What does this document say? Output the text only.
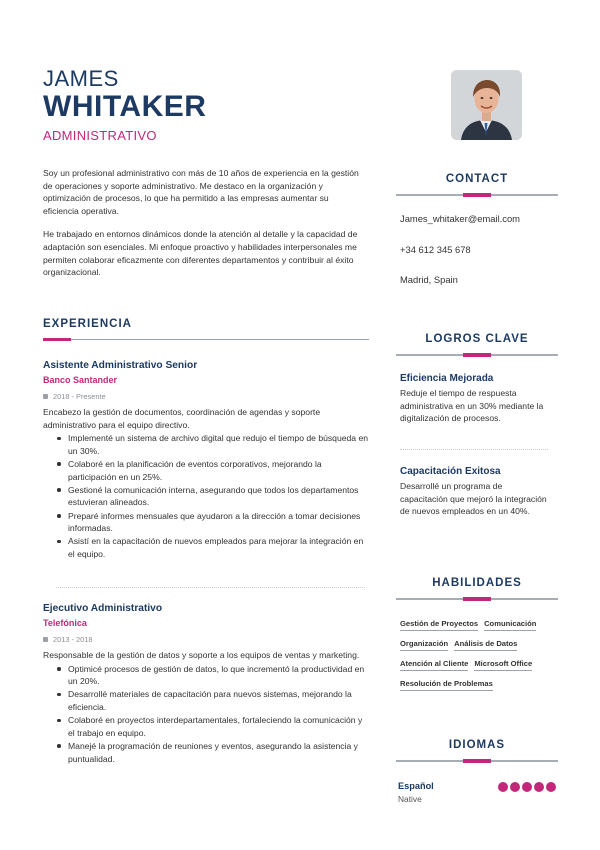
JAMES
WHITAKER
ADMINISTRATIVO

Soy un profesional administrativo con más de 10 años de experiencia en la gestión de operaciones y soporte administrativo. Me destaco en la organización y optimización de procesos, lo que ha permitido a las empresas aumentar su eficiencia operativa.

He trabajado en entornos dinámicos donde la atención al detalle y la capacidad de adaptación son esenciales. Mi enfoque proactivo y habilidades interpersonales me permiten colaborar eficazmente con diferentes departamentos y contribuir al éxito organizacional.

EXPERIENCIA
Asistente Administrativo Senior
Banco Santander
2018 - Presente
Encabezo la gestión de documentos, coordinación de agendas y soporte administrativo para el equipo directivo.
Implementé un sistema de archivo digital que redujo el tiempo de búsqueda en un 30%.
Colaboré en la planificación de eventos corporativos, mejorando la participación en un 25%.
Gestioné la comunicación interna, asegurando que todos los departamentos estuvieran alineados.
Preparé informes mensuales que ayudaron a la dirección a tomar decisiones informadas.
Asistí en la capacitación de nuevos empleados para mejorar la integración en el equipo.
Ejecutivo Administrativo
Telefónica
2013 - 2018
Responsable de la gestión de datos y soporte a los equipos de ventas y marketing.
Optimicé procesos de gestión de datos, lo que incrementó la productividad en un 20%.
Desarrollé materiales de capacitación para nuevos sistemas, mejorando la eficiencia.
Colaboré en proyectos interdepartamentales, fortaleciendo la comunicación y el trabajo en equipo.
Manejé la programación de reuniones y eventos, asegurando la asistencia y puntualidad.
CONTACT
James_whitaker@email.com
+34 612 345 678
Madrid, Spain
LOGROS CLAVE
Eficiencia Mejorada
Reduje el tiempo de respuesta administrativa en un 30% mediante la digitalización de procesos.
Capacitación Exitosa
Desarrollé un programa de capacitación que mejoró la integración de nuevos empleados en un 40%.
HABILIDADES
Gestión de Proyectos Comunicación
Organización Análisis de Datos
Atención al Cliente Microsoft Office
Resolución de Problemas
IDIOMAS
Español
Native
